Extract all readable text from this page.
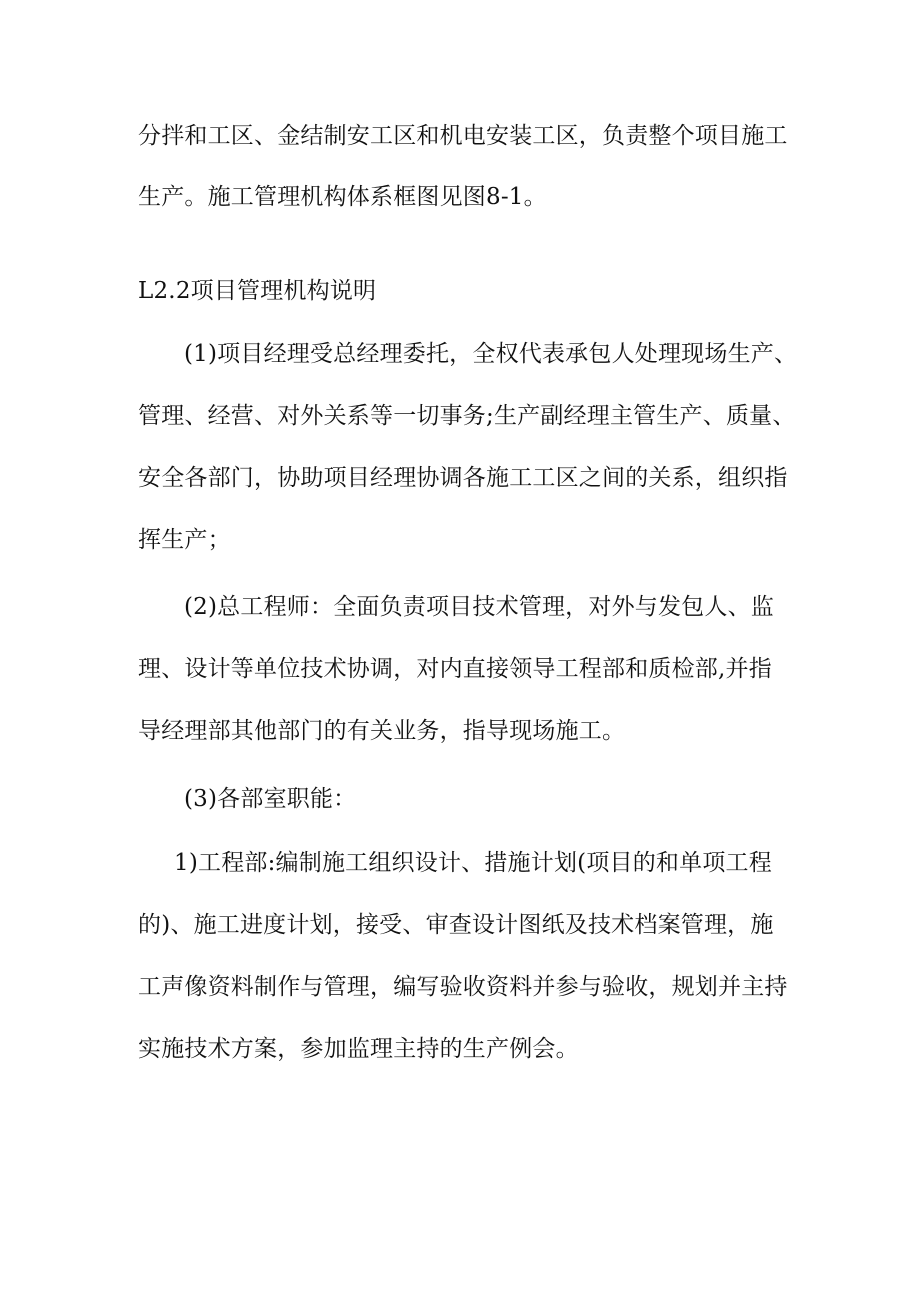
分拌和工区、金结制安工区和机电安装工区，负责整个项目施工
生产。施工管理机构体系框图见图8-1。
L2.2项目管理机构说明
(1)项目经理受总经理委托，全权代表承包人处理现场生产、
管理、经营、对外关系等一切事务;生产副经理主管生产、质量、
安全各部门，协助项目经理协调各施工工区之间的关系，组织指
挥生产；
(2)总工程师：全面负责项目技术管理，对外与发包人、监
理、设计等单位技术协调，对内直接领导工程部和质检部,并指
导经理部其他部门的有关业务，指导现场施工。
(3)各部室职能：
1)工程部:编制施工组织设计、措施计划(项目的和单项工程
的)、施工进度计划，接受、审查设计图纸及技术档案管理，施
工声像资料制作与管理，编写验收资料并参与验收，规划并主持
实施技术方案，参加监理主持的生产例会。
